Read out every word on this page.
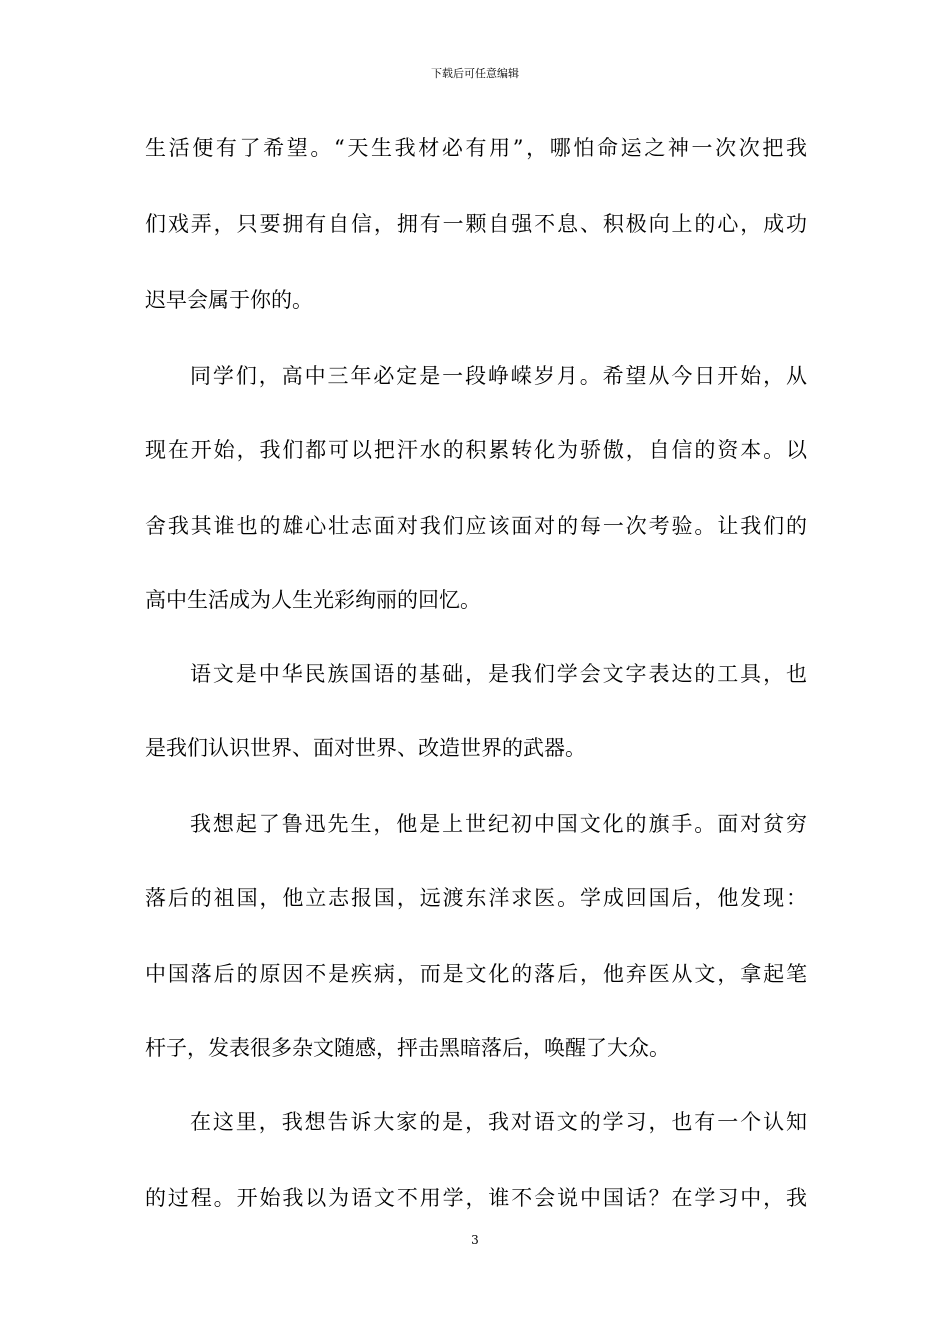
下载后可任意编辑
生活便有了希望。“天生我材必有用”，哪怕命运之神一次次把我
们戏弄，只要拥有自信，拥有一颗自强不息、积极向上的心，成功
迟早会属于你的。
同学们，高中三年必定是一段峥嵘岁月。希望从今日开始，从
现在开始，我们都可以把汗水的积累转化为骄傲，自信的资本。以
舍我其谁也的雄心壮志面对我们应该面对的每一次考验。让我们的
高中生活成为人生光彩绚丽的回忆。
语文是中华民族国语的基础，是我们学会文字表达的工具，也
是我们认识世界、面对世界、改造世界的武器。
我想起了鲁迅先生，他是上世纪初中国文化的旗手。面对贫穷
落后的祖国，他立志报国，远渡东洋求医。学成回国后，他发现：
中国落后的原因不是疾病，而是文化的落后，他弃医从文，拿起笔
杆子，发表很多杂文随感，抨击黑暗落后，唤醒了大众。
在这里，我想告诉大家的是，我对语文的学习，也有一个认知
的过程。开始我以为语文不用学，谁不会说中国话？在学习中，我
3
